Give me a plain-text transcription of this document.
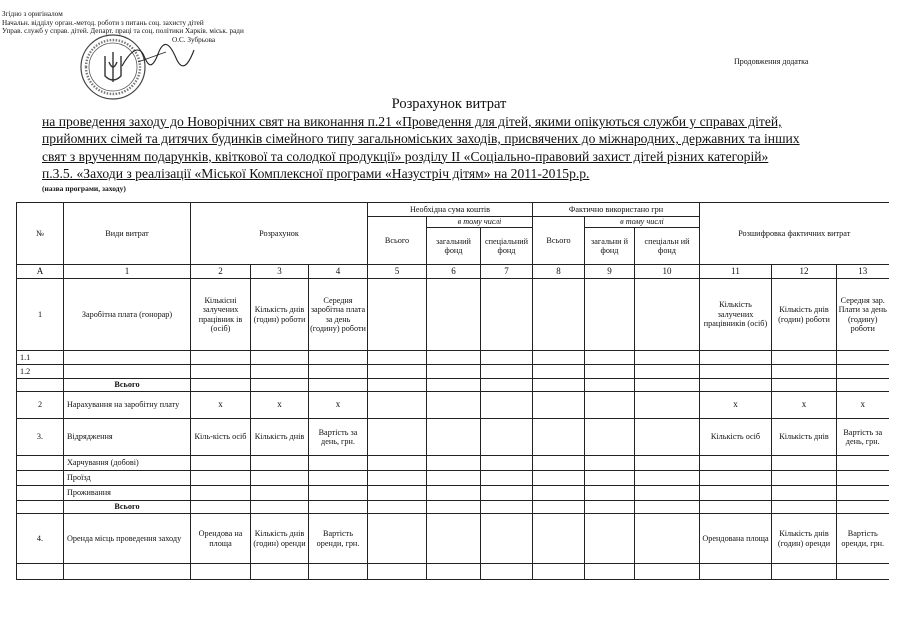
Згідно з оригіналом
Начальн. відділу орган.-метод. роботи з питань соц. захисту дітей
Управ. служб у справ. дітей. Департ. праці та соц. політики Харків. міськ. ради
О.С. Зубрьова
Продовження додатка
Розрахунок витрат
на проведення заходу до Новорічних свят на виконання п.21 «Проведення для дітей, якими опікуються служби у справах дітей,
прийомних сімей та дитячих будинків сімейного типу загальноміських заходів, присвячених до міжнародних, державних та інших
свят з врученням подарунків, квіткової та солодкої продукції» розділу II «Соціально-правовий захист дітей різних категорій»
п.3.5. «Заходи з реалізації «Міської Комплексної програми «Назустріч дітям» на 2011-2015р.р.
(назва програми, заходу)
№	Види витрат	Розрахунок			Необхідна сума коштів			Фактично використано грн			Розшифровка фактичних витрат		
					Всього	в тому числі		Всього	в тому числі				
						загальний фонд	спеціальний фонд		загальни й фонд	спеціальн ий фонд			
А	1	2	3	4	5	6	7	8	9	10	11	12	13
1	Заробітна плата (гонорар)	Кількісні залучених працівник ів (осіб)	Кількість днів (годин) роботи	Середня заробітна плата за день (годину) роботи							Кількість залучених працівників (осіб)	Кількість днів (годин) роботи	Середня зар. Плати за день (годину) роботи
1.1													
1.2													
	Всього												
2	Нарахування на заробітну плату	х	х	х							х	х	х
3.	Відрядження	Кіль-кість осіб	Кількість днів	Вартість за день, грн.							Кількість осіб	Кількість днів	Вартість за день, грн.
	Харчування (добові)												
	Проїзд												
	Проживання												
	Всього												
4.	Оренда місць проведення заходу	Орендова на площа	Кількість днів (годин) оренди	Вартість оренди, грн.							Орендована площа	Кількість днів (годин) оренди	Вартість оренди, грн.
